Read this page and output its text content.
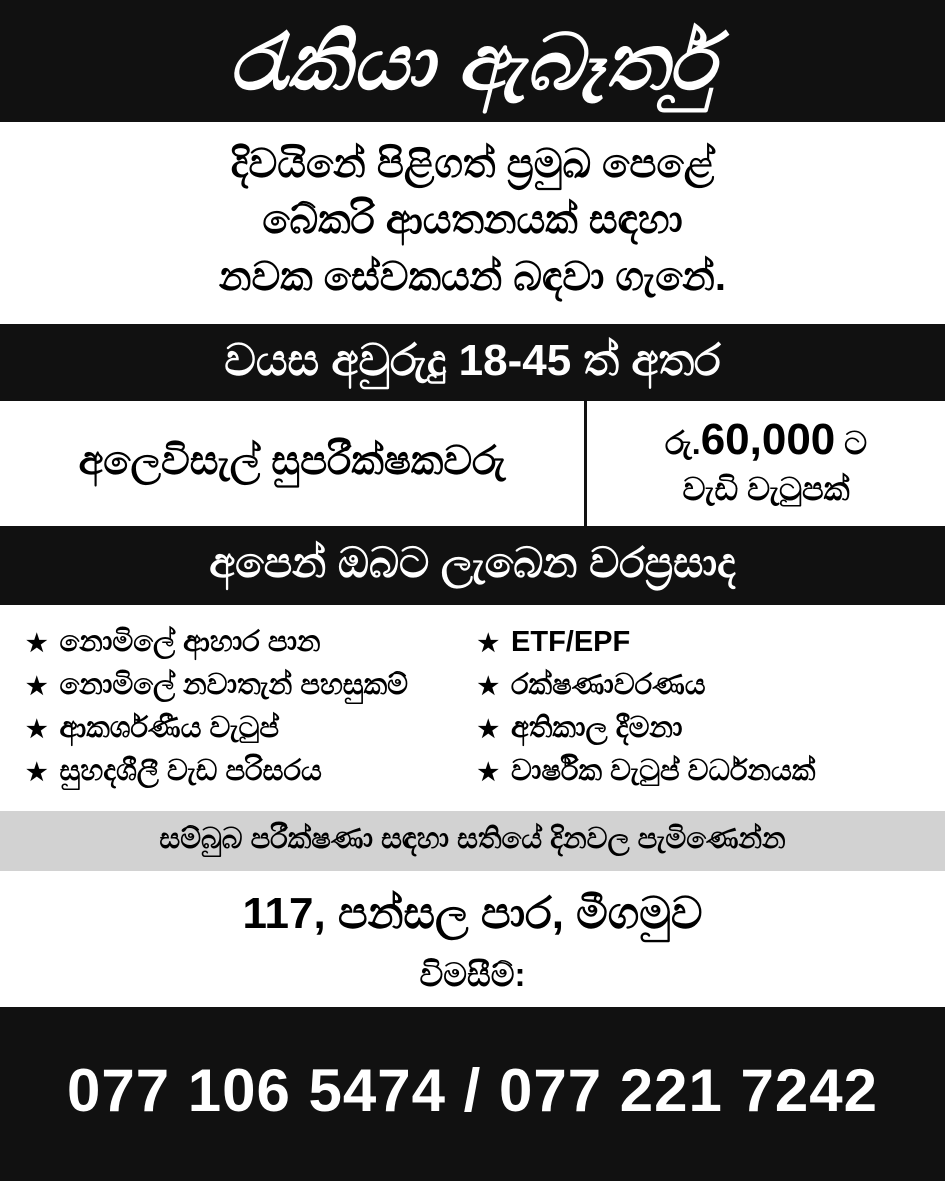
රැකියා ඇබෑර්තු
දිවයිනේ පිළිගත් ප්‍රමුඛ පෙළේ
බේකරි ආයතනයක් සඳහා
නවක සේවකයන් බඳවා ගැනේ.
වයස අවුරුදු 18-45 ත් අතර
අලෙවිසැල් සුපරීක්ෂකවරු	රු.60,000 ට
වැඩි වැටුපක්
අපෙන් ඔබට ලැබෙන වරප්‍රසාද
★ නොමිලේ ආහාර පාන
★ නොමිලේ නවාතැන් පහසුකම්
★ ආකර්ශණීය වැටුප්
★ සුහදශීලී වැඩ පරිසරය
★ ETF/EPF
★ රක්ෂණාවරණය
★ අතිකාල දීමනා
★ වාර්ෂික වැටුප් වර්ධනයක්
සම්බුබ පරීක්ෂණා සඳහා සතියේ දිනවල පැමිණෙන්න
117, පන්සල පාර, මීගමුව
විමසීම්:
077 106 5474 / 077 221 7242
